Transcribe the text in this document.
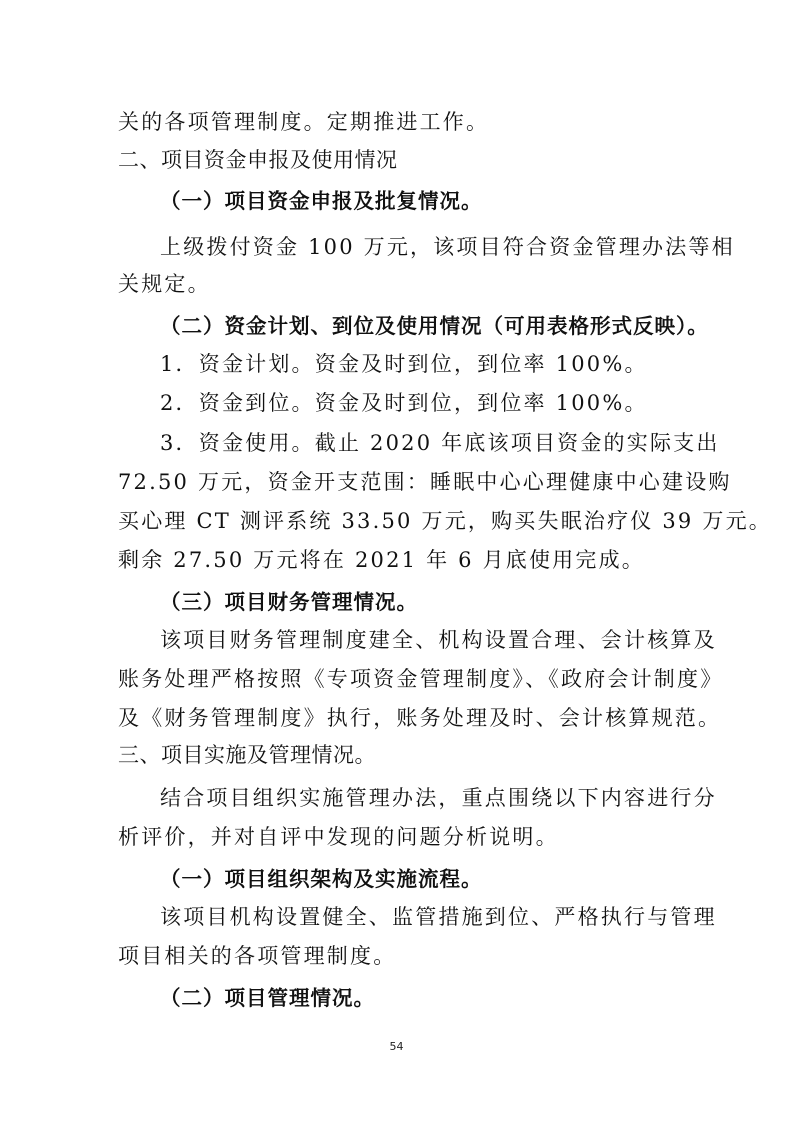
关的各项管理制度。定期推进工作。
二、项目资金申报及使用情况
（一）项目资金申报及批复情况。
上级拨付资金 100 万元，该项目符合资金管理办法等相
关规定。
（二）资金计划、到位及使用情况（可用表格形式反映）。
1．资金计划。资金及时到位，到位率 100%。
2．资金到位。资金及时到位，到位率 100%。
3．资金使用。截止 2020 年底该项目资金的实际支出
72.50 万元，资金开支范围：睡眠中心心理健康中心建设购
买心理 CT 测评系统 33.50 万元，购买失眠治疗仪 39 万元。
剩余 27.50 万元将在 2021 年 6 月底使用完成。
（三）项目财务管理情况。
该项目财务管理制度建全、机构设置合理、会计核算及
账务处理严格按照《专项资金管理制度》、《政府会计制度》
及《财务管理制度》执行，账务处理及时、会计核算规范。
三、项目实施及管理情况。
结合项目组织实施管理办法，重点围绕以下内容进行分
析评价，并对自评中发现的问题分析说明。
（一）项目组织架构及实施流程。
该项目机构设置健全、监管措施到位、严格执行与管理
项目相关的各项管理制度。
（二）项目管理情况。
54
